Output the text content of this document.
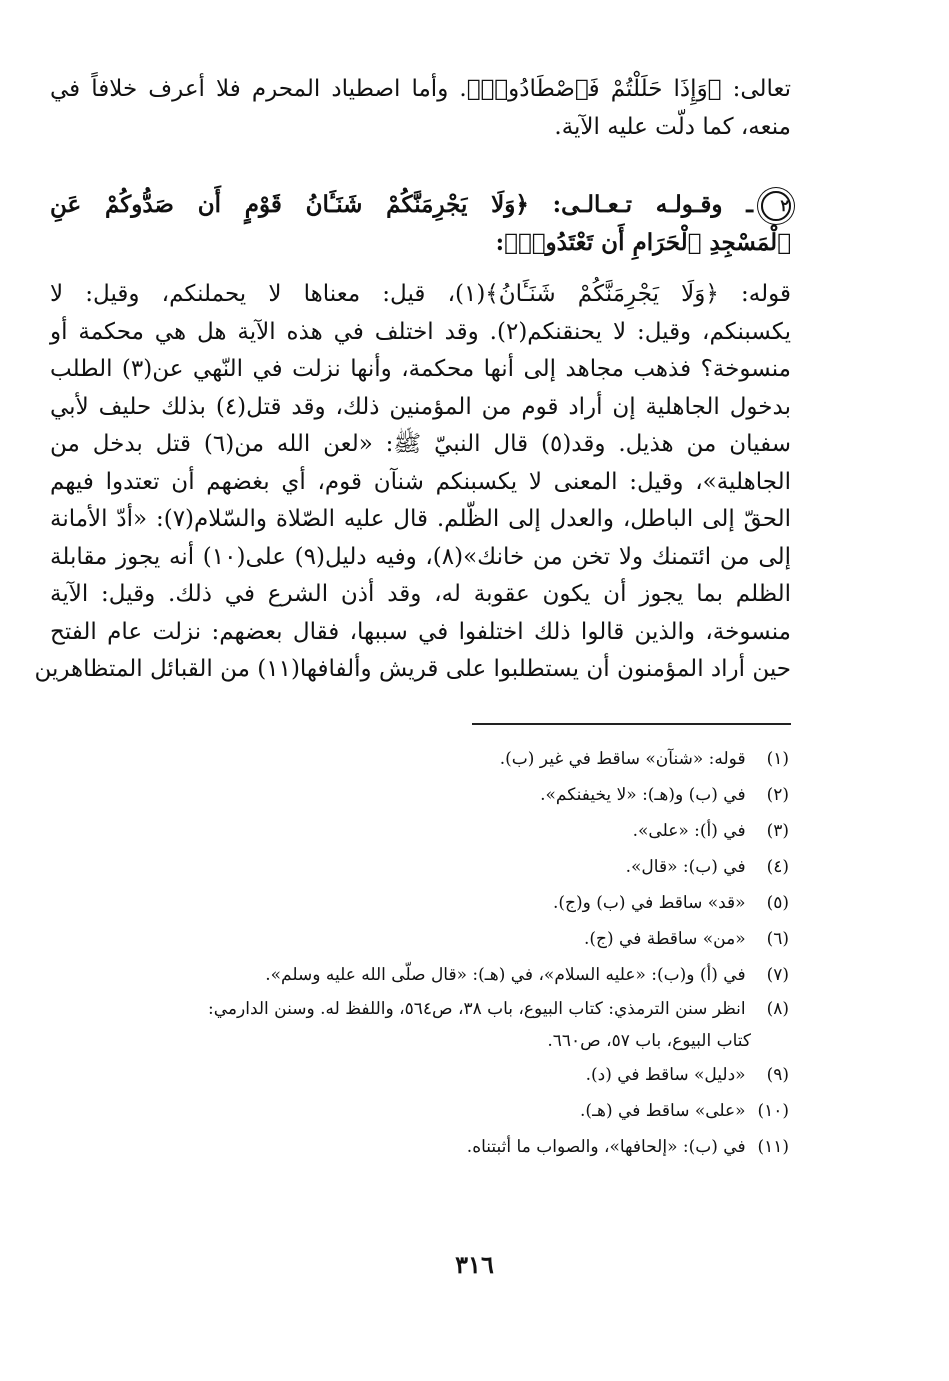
تعالى: ﴿وَإِذَا حَلَلْتُمْ فَٱصْطَادُوا۟﴾. وأما اصطياد المحرم فلا أعرف خلافاً في
منعه، كما دلّت عليه الآية.
٢ـ وقـولـه تـعـالـى: ﴿وَلَا يَجْرِمَنَّكُمْ شَنَـَٔانُ قَوْمٍ أَن صَدُّوكُمْ عَنِ
ٱلْمَسْجِدِ ٱلْحَرَامِ أَن تَعْتَدُوا۟﴾:
قوله: ﴿وَلَا يَجْرِمَنَّكُمْ شَنَـَٔانُ﴾(١)، قيل: معناها لا يحملنكم، وقيل: لا
يكسبنكم، وقيل: لا يحنقنكم(٢). وقد اختلف في هذه الآية هل هي محكمة أو
منسوخة؟ فذهب مجاهد إلى أنها محكمة، وأنها نزلت في النّهي عن(٣) الطلب
بدخول الجاهلية إن أراد قوم من المؤمنين ذلك، وقد قتل(٤) بذلك حليف لأبي
سفيان من هذيل. وقد(٥) قال النبيّ ﷺ: «لعن الله من(٦) قتل بدخل من
الجاهلية»، وقيل: المعنى لا يكسبنكم شنآن قوم، أي بغضهم أن تعتدوا فيهم
الحقّ إلى الباطل، والعدل إلى الظّلم. قال عليه الصّلاة والسّلام(٧): «أدّ الأمانة
إلى من ائتمنك ولا تخن من خانك»(٨)، وفيه دليل(٩) على(١٠) أنه يجوز مقابلة
الظلم بما يجوز أن يكون عقوبة له، وقد أذن الشرع في ذلك. وقيل: الآية
منسوخة، والذين قالوا ذلك اختلفوا في سببها، فقال بعضهم: نزلت عام الفتح
حين أراد المؤمنون أن يستطلبوا على قريش وألفافها(١١) من القبائل المتظاهرين
(١) قوله: «شنآن» ساقط في غير (ب).
(٢) في (ب) و(هـ): «لا يخيفنكم».
(٣) في (أ): «على».
(٤) في (ب): «قال».
(٥) «قد» ساقط في (ب) و(ج).
(٦) «من» ساقطة في (ج).
(٧) في (أ) و(ب): «عليه السلام»، في (هـ): «قال صلّى الله عليه وسلم».
(٨) انظر سنن الترمذي: كتاب البيوع، باب ٣٨، ص٥٦٤، واللفظ له. وسنن الدارمي:
كتاب البيوع، باب ٥٧، ص٦٦٠.
(٩) «دليل» ساقط في (د).
(١٠) «على» ساقط في (هـ).
(١١) في (ب): «إلحافها»، والصواب ما أثبتناه.
٣١٦
